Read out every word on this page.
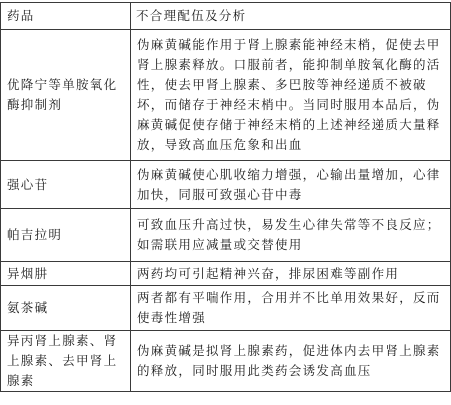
药品	不合理配伍及分析
优降宁等单胺氧化酶抑制剂	伪麻黄碱能作用于肾上腺素能神经末梢，促使去甲肾上腺素释放。口服前者，能抑制单胺氧化酶的活性，使去甲肾上腺素、多巴胺等神经递质不被破坏，而储存于神经末梢中。当同时服用本品后，伪麻黄碱促使存储于神经末梢的上述神经递质大量释放，导致高血压危象和出血
强心苷	伪麻黄碱使心肌收缩力增强，心输出量增加，心律加快，同服可致强心苷中毒
帕吉拉明	可致血压升高过快，易发生心律失常等不良反应；如需联用应减量或交替使用
异烟肼	两药均可引起精神兴奋，排尿困难等副作用
氨茶碱	两者都有平喘作用，合用并不比单用效果好，反而使毒性增强
异丙肾上腺素、肾上腺素、去甲肾上腺素	伪麻黄碱是拟肾上腺素药，促进体内去甲肾上腺素的释放，同时服用此类药会诱发高血压
